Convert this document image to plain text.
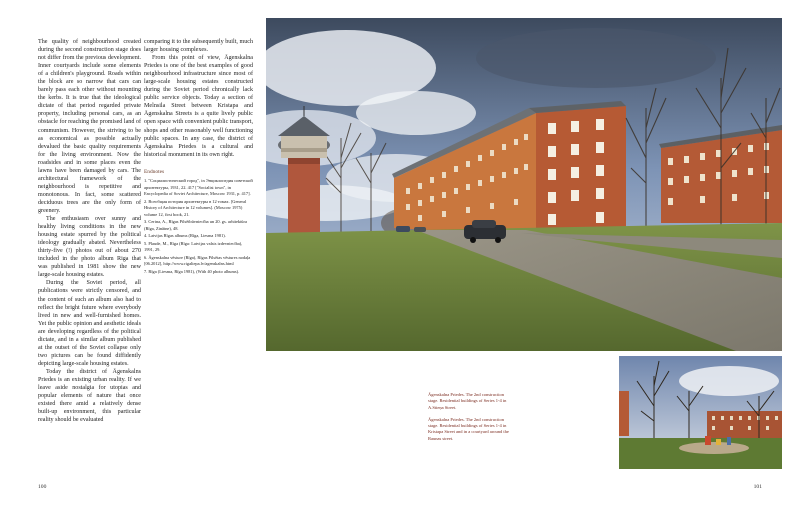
The quality of neighbourhood created during the second construction stage does not differ from the previous development. Inner courtyards include some elements of a children's playground. Roads within the block are so narrow that cars can barely pass each other without mounting the kerbs. It is true that the ideological dictate of that period regarded private property, including personal cars, as an obstacle for reaching the promised land of communism. However, the striving to be as economical as possible actually devalued the basic quality requirements for the living environment. Now the roadsides and in some places even the lawns have been damaged by cars. The architectural framework of the neighbourhood is repetitive and monotonous. In fact, some scattered deciduous trees are the only form of greenery.

The enthusiasm over sunny and healthy living conditions in the new housing estate spurred by the political ideology gradually abated. Nevertheless thirty-five (!) photos out of about 270 included in the photo album Riga that was published in 1981 show the new large-scale housing estates.

During the Soviet period, all publications were strictly censored, and the content of such an album also had to reflect the bright future where everybody lived in new and well-furnished homes. Yet the public opinion and aesthetic ideals are developing regardless of the political dictate, and in a similar album published at the outset of the Soviet collapse only two pictures can be found diffidently depicting large-scale housing estates.

Today the district of Āgenskalns Priedes is an existing urban reality. If we leave aside nostalgia for utopias and popular elements of nature that once existed there amid a relatively dense built-up environment, this particular reality should be evaluated

comparing it to the subsequently built, much larger housing complexes.

From this point of view, Āgenskalna Priedes is one of the best examples of good neighbourhood infrastructure since most of large-scale housing estates constructed during the Soviet period chronically lack public service objects. Today a section of Melnsila Street between Kristapa and Āgenskalna Streets is a quite lively public open space with convenient public transport, shops and other reasonably well functioning public spaces. In any case, the district of Āgenskalna Priedes is a cultural and historical monument in its own right.

Endnotes

1. "Социалистический город", in Энциклопедия советской архитектуры, 1931, 22. 417 ["Socialist town", in Encyclopedia of Soviet Architecture, Moscow 1931, p. 417].

2. Всеобщая история архитектуры в 12 томах. [General History of Architecture in 12 volumes]. (Moscow 1975) volume 12, first book, 21.

3. Cerina, A., Rīgas Pilsētbūvniecība un 20. gs. arhitektūra (Rīga, Zinātne), 48.

4. Latvijas Rīgas albums (Rīga, Liesma 1981).

5. Plaude, M., Rīga (Rīga: Latvijas valsts izdevniecība), 1991, 29.

6. Āgenskalna vēsture (Rīga), Rīgas Pilsētas vēstures nodaļa [06.2012], http://www.rigaliepa.lv/agenskalns.html

7. Rīga (Liesma, Rīga 1981), (With 40 photo albums).

100	101

Āgenskalna Priedes. The 2nd construction stage. Residential buildings of Series 1-4 in A.Stieņa Street.

Āgenskalna Priedes. The 2nd construction stage. Residential buildings of Series 1-4 in Kristapa Street and in a courtyard around the Raunas street.
